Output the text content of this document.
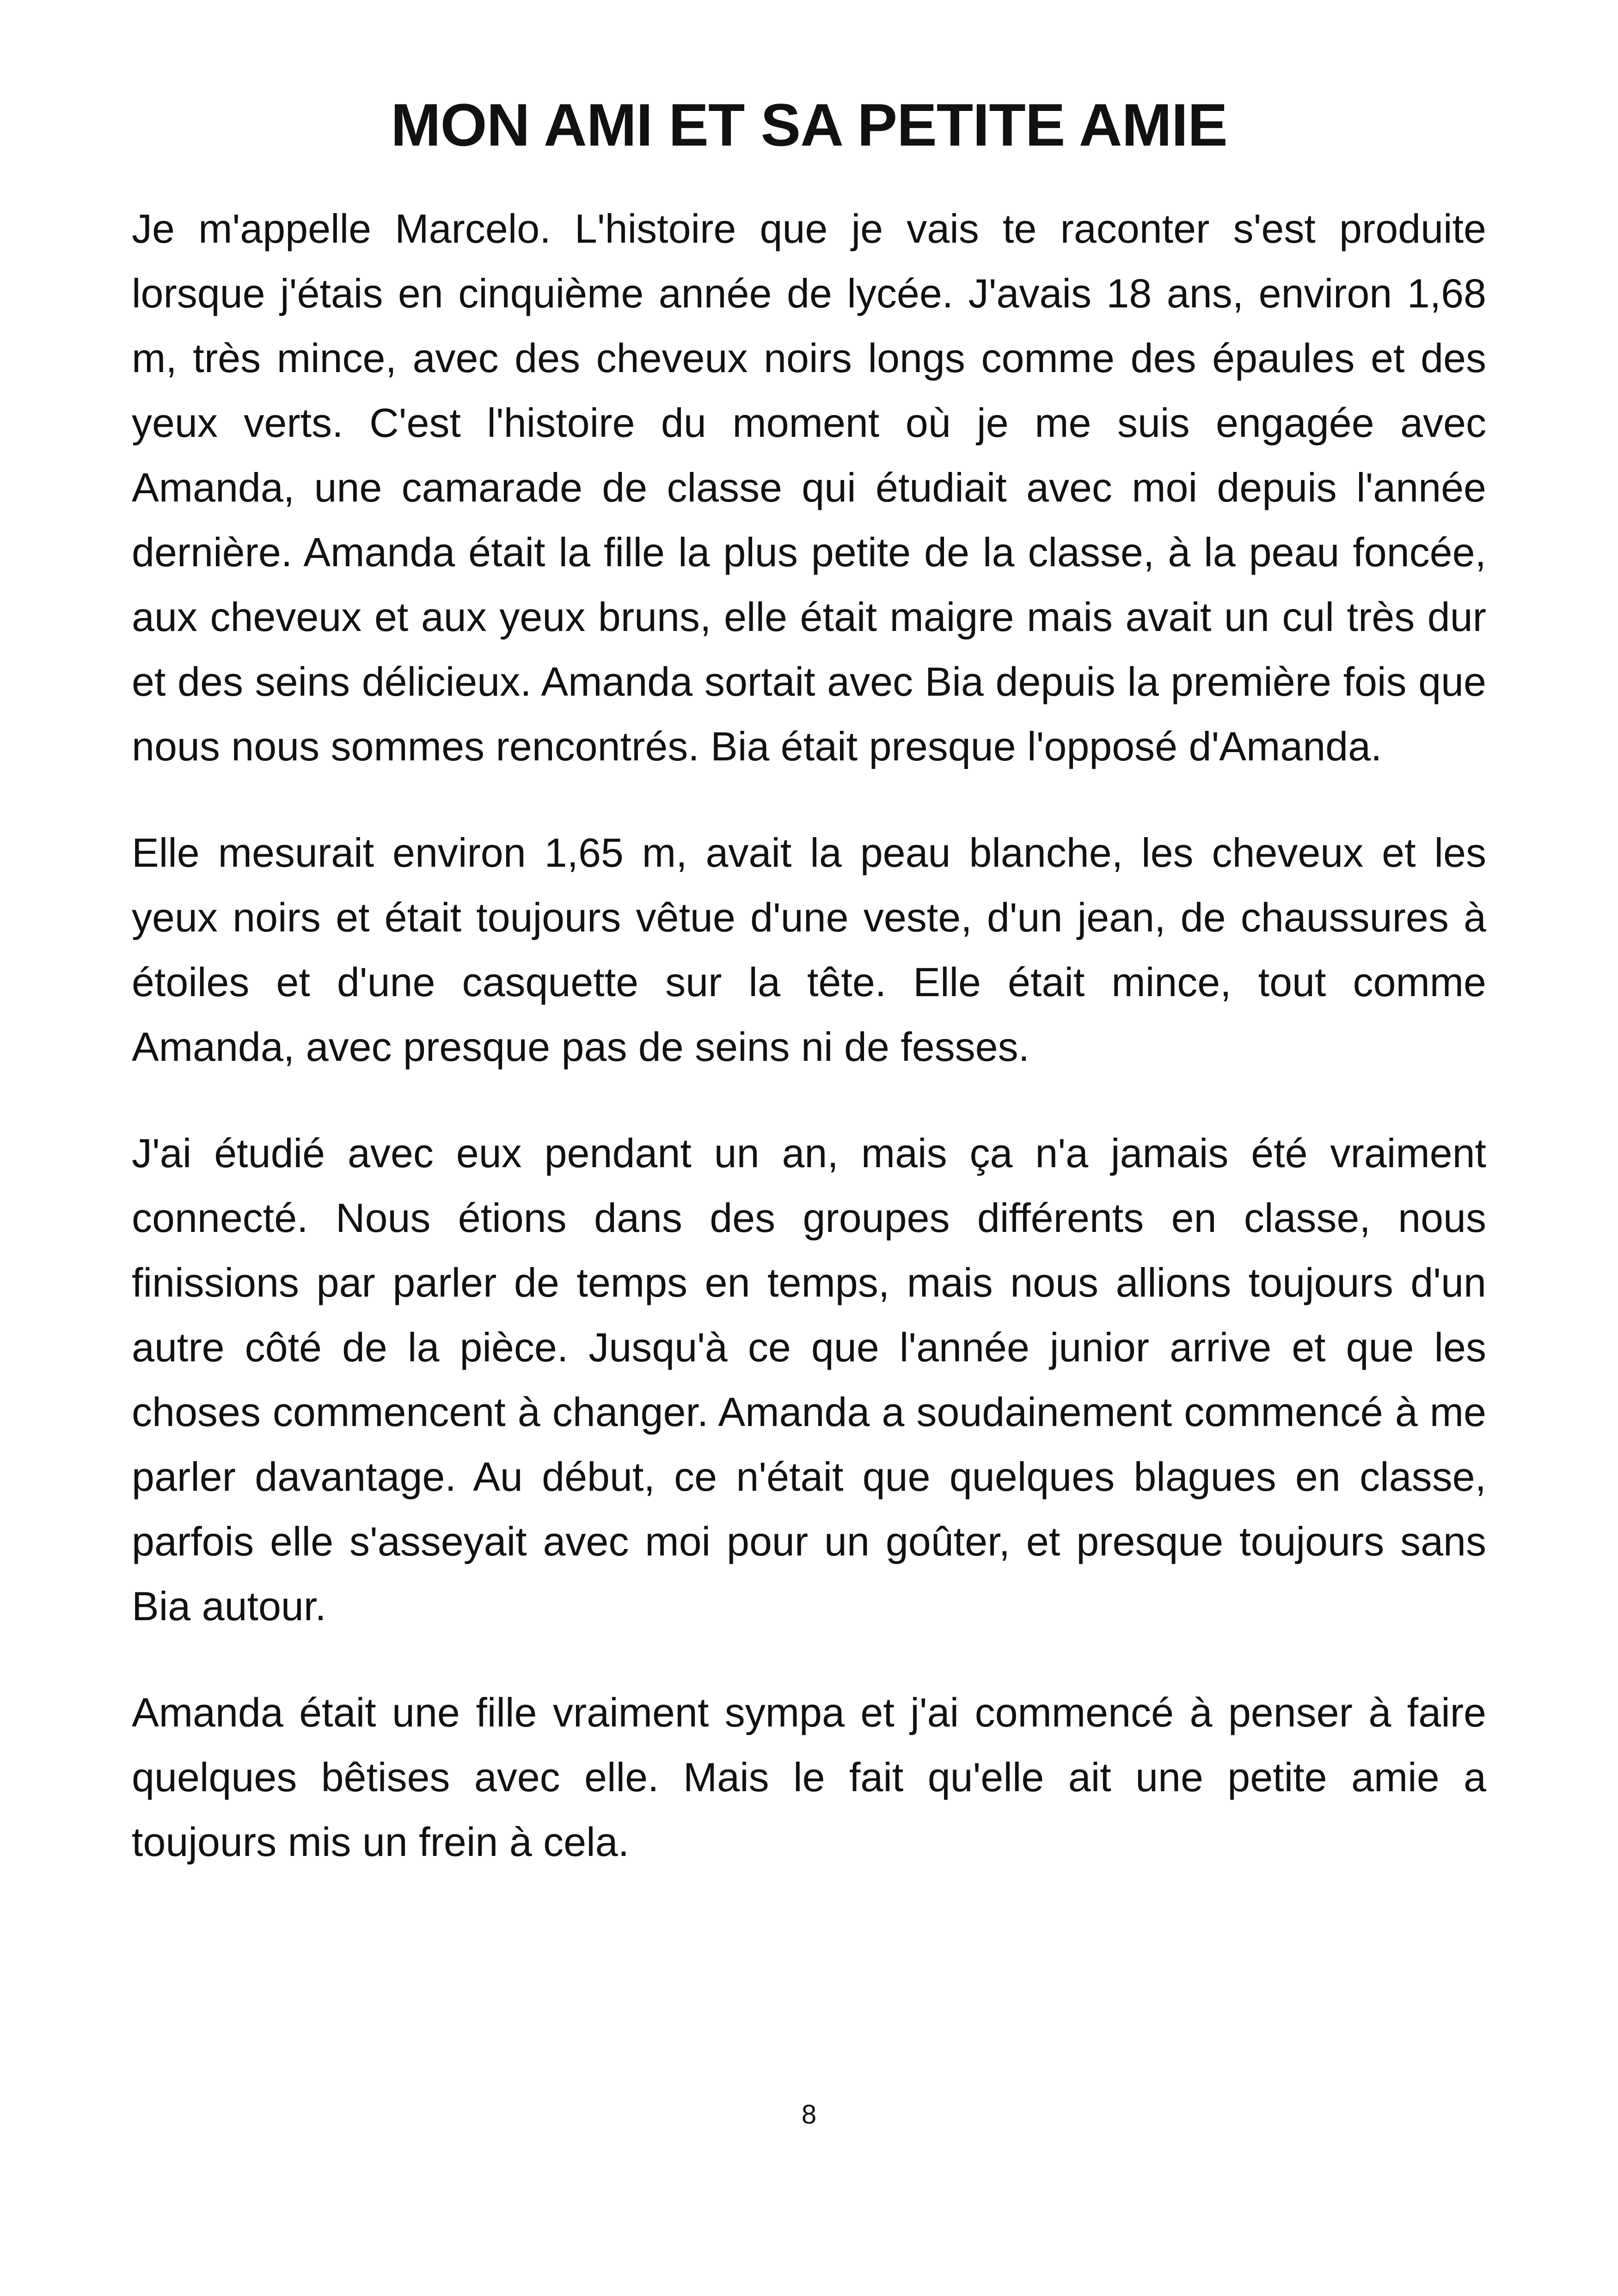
MON AMI ET SA PETITE AMIE

Je m'appelle Marcelo. L'histoire que je vais te raconter s'est produite lorsque j'étais en cinquième année de lycée. J'avais 18 ans, environ 1,68 m, très mince, avec des cheveux noirs longs comme des épaules et des yeux verts. C'est l'histoire du moment où je me suis engagée avec Amanda, une camarade de classe qui étudiait avec moi depuis l'année dernière. Amanda était la fille la plus petite de la classe, à la peau foncée, aux cheveux et aux yeux bruns, elle était maigre mais avait un cul très dur et des seins délicieux. Amanda sortait avec Bia depuis la première fois que nous nous sommes rencontrés. Bia était presque l'opposé d'Amanda.

Elle mesurait environ 1,65 m, avait la peau blanche, les cheveux et les yeux noirs et était toujours vêtue d'une veste, d'un jean, de chaussures à étoiles et d'une casquette sur la tête. Elle était mince, tout comme Amanda, avec presque pas de seins ni de fesses.

J'ai étudié avec eux pendant un an, mais ça n'a jamais été vraiment connecté. Nous étions dans des groupes différents en classe, nous finissions par parler de temps en temps, mais nous allions toujours d'un autre côté de la pièce. Jusqu'à ce que l'année junior arrive et que les choses commencent à changer. Amanda a soudainement commencé à me parler davantage. Au début, ce n'était que quelques blagues en classe, parfois elle s'asseyait avec moi pour un goûter, et presque toujours sans Bia autour.

Amanda était une fille vraiment sympa et j'ai commencé à penser à faire quelques bêtises avec elle. Mais le fait qu'elle ait une petite amie a toujours mis un frein à cela.

8
